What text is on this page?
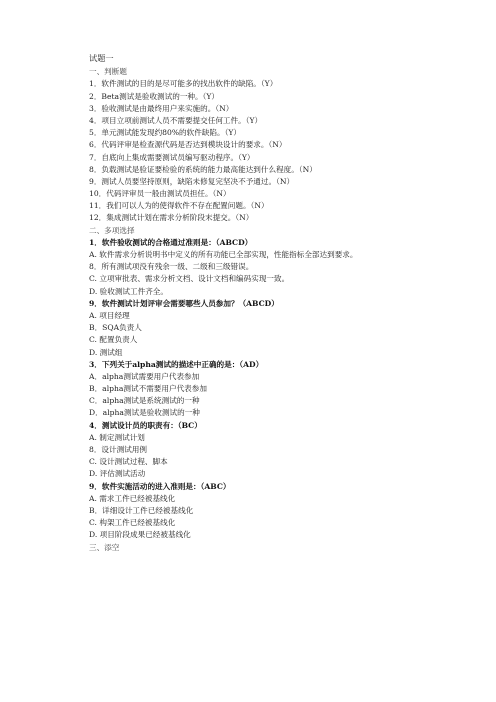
试题一
一、判断题
1．软件测试的目的是尽可能多的找出软件的缺陷。（Y）
2．Beta测试是验收测试的一种。（Y）
3．验收测试是由最终用户来实施的。（N）
4．项目立项前测试人员不需要提交任何工件。（Y）
5．单元测试能发现约80%的软件缺陷。（Y）
6．代码评审是检查源代码是否达到模块设计的要求。（N）
7．自底向上集成需要测试员编写驱动程序。（Y）
8．负载测试是验证要检验的系统的能力最高能达到什么程度。（N）
9．测试人员要坚持原则，缺陷未修复完坚决不予通过。（N）
10．代码评审员一般由测试员担任。（N）
11．我们可以人为的使得软件不存在配置问题。（N）
12．集成测试计划在需求分析阶段末提交。（N）
二、多项选择
1．软件验收测试的合格通过准则是：（ABCD）
A. 软件需求分析说明书中定义的所有功能已全部实现，性能指标全部达到要求。
8．所有测试项没有残余一级、二级和三级错误。
C. 立项审批表、需求分析文档、设计文档和编码实现一致。
D. 验收测试工件齐全。
9．软件测试计划评审会需要哪些人员参加？（ABCD）
A. 项目经理
B．SQA负责人
C. 配置负责人
D. 测试组
3．下列关于alpha测试的描述中正确的是：（AD）
A．alpha测试需要用户代表参加
B．alpha测试不需要用户代表参加
C．alpha测试是系统测试的一种
D．alpha测试是验收测试的一种
4．测试设计员的职责有：（BC）
A. 制定测试计划
8．设计测试用例
C. 设计测试过程、脚本
D. 评估测试活动
9．软件实施活动的进入准则是：（ABC）
A. 需求工件已经被基线化
B．详细设计工件已经被基线化
C. 构架工件已经被基线化
D. 项目阶段成果已经被基线化
三、添空
